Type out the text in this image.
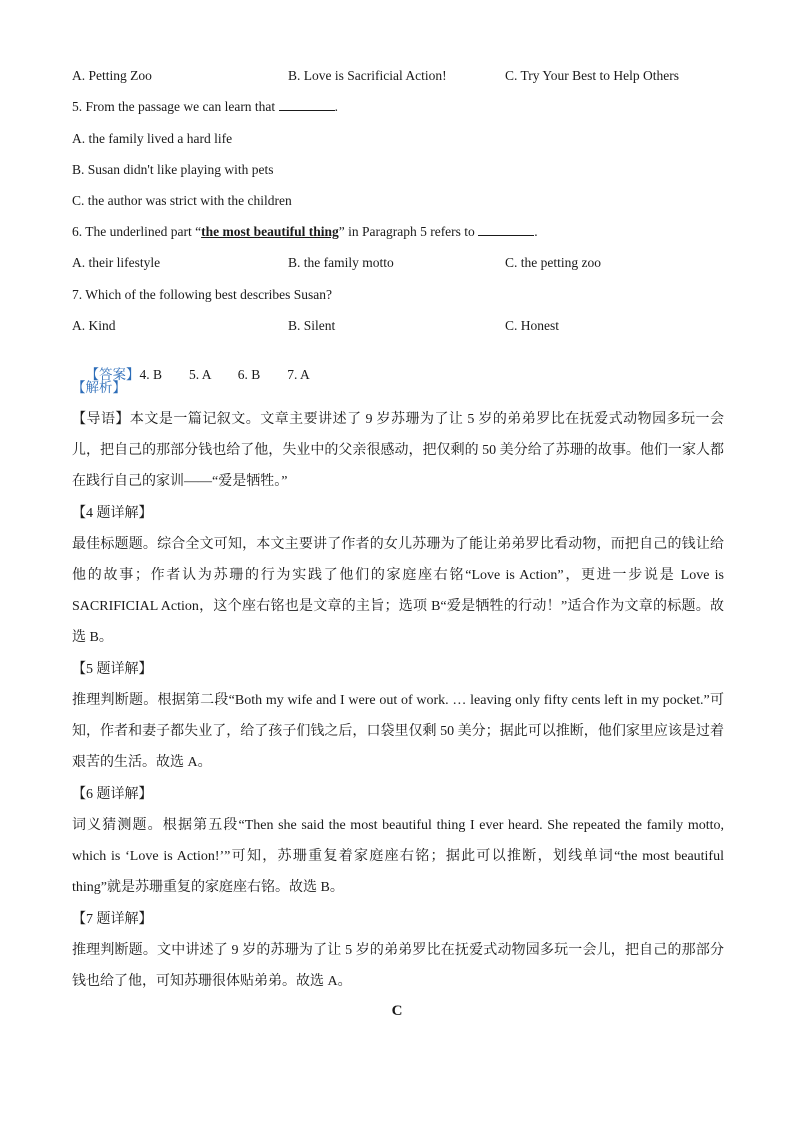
A. Petting Zoo	B. Love is Sacrificial Action!	C. Try Your Best to Help Others
5. From the passage we can learn that	.
A. the family lived a hard life
B. Susan didn't like playing with pets
C. the author was strict with the children
6. The underlined part “the most beautiful thing” in Paragraph 5 refers to	.
A. their lifestyle	B. the family motto	C. the petting zoo
7. Which of the following best describes Susan?
A. Kind	B. Silent	C. Honest

【答案】4. B        5. A        6. B        7. A

【解析】
【导语】本文是一篇记叙文。文章主要讲述了 9 岁苏珊为了让 5 岁的弟弟罗比在抚爱式动物园多玩一会儿，把自己的那部分钱也给了他，失业中的父亲很感动，把仅剩的 50 美分给了苏珊的故事。他们一家人都在践行自己的家训——“爱是牺牲。”
【4 题详解】
最佳标题题。综合全文可知，本文主要讲了作者的女儿苏珊为了能让弟弟罗比看动物，而把自己的钱让给他的故事；作者认为苏珊的行为实践了他们的家庭座右铭“Love is Action”，更进一步说是 Love is SACRIFICIAL Action，这个座右铭也是文章的主旨；选项 B“爱是牺牲的行动！”适合作为文章的标题。故选 B。
【5 题详解】
推理判断题。根据第二段“Both my wife and I were out of work. … leaving only fifty cents left in my pocket.”可知，作者和妻子都失业了，给了孩子们钱之后，口袋里仅剩 50 美分；据此可以推断，他们家里应该是过着艰苦的生活。故选 A。
【6 题详解】
词义猜测题。根据第五段“Then she said the most beautiful thing I ever heard. She repeated the family motto, which is ‘Love is Action!’”可知，苏珊重复着家庭座右铭；据此可以推断，划线单词“the most beautiful thing”就是苏珊重复的家庭座右铭。故选 B。
【7 题详解】
推理判断题。文中讲述了 9 岁的苏珊为了让 5 岁的弟弟罗比在抚爱式动物园多玩一会儿，把自己的那部分钱也给了他，可知苏珊很体贴弟弟。故选 A。
C
